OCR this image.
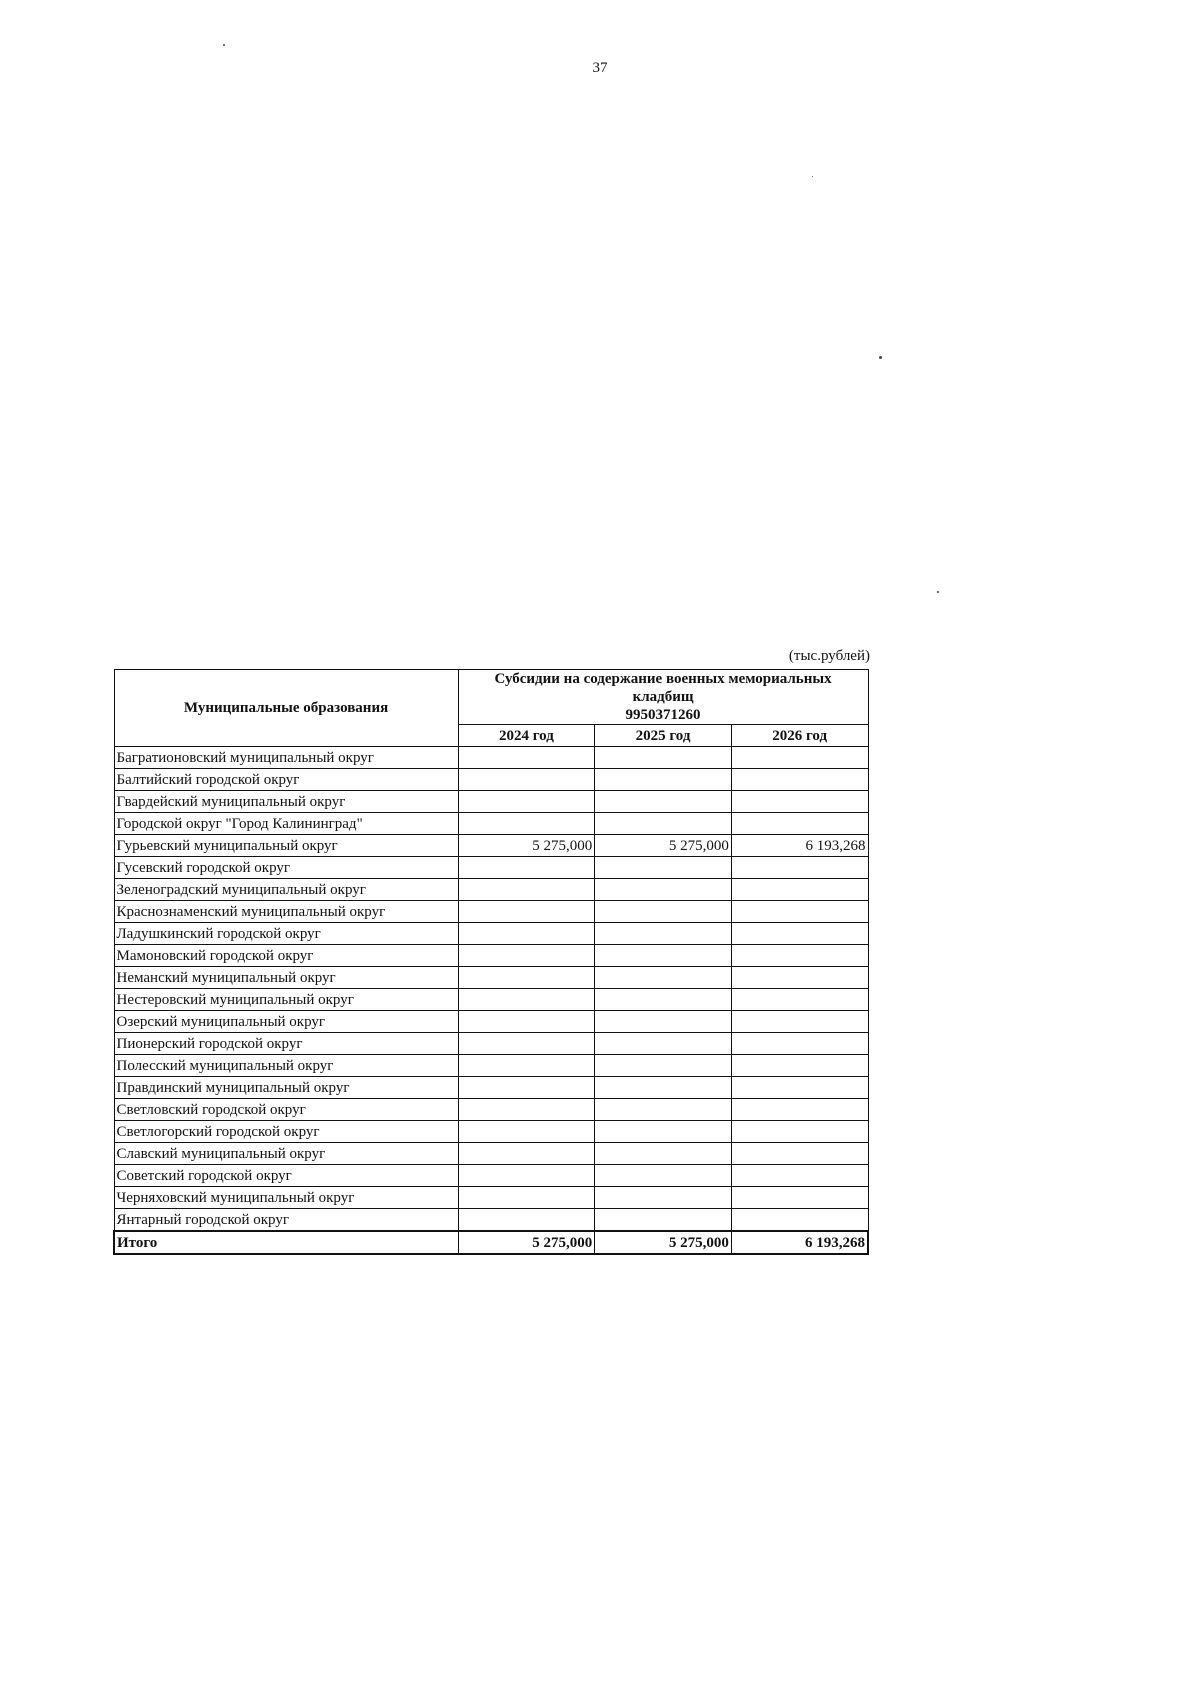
37
(тыс.рублей)
Муниципальные образования	Субсидии на содержание военных мемориальных
кладбищ
9950371260		

	2024 год	2025 год	2026 год
Багратионовский муниципальный округ			
Балтийский городской округ			
Гвардейский муниципальный округ			
Городской округ "Город Калининград"			
Гурьевский муниципальный округ	5 275,000	5 275,000	6 193,268
Гусевский городской округ			
Зеленоградский муниципальный округ			
Краснознаменский муниципальный округ			
Ладушкинский городской округ			
Мамоновский городской округ			
Неманский муниципальный округ			
Нестеровский муниципальный округ			
Озерский муниципальный округ			
Пионерский городской округ			
Полесский муниципальный округ			
Правдинский муниципальный округ			
Светловский городской округ			
Светлогорский городской округ			
Славский муниципальный округ			
Советский городской округ			
Черняховский муниципальный округ			
Янтарный городской округ			
Итого	5 275,000	5 275,000	6 193,268
